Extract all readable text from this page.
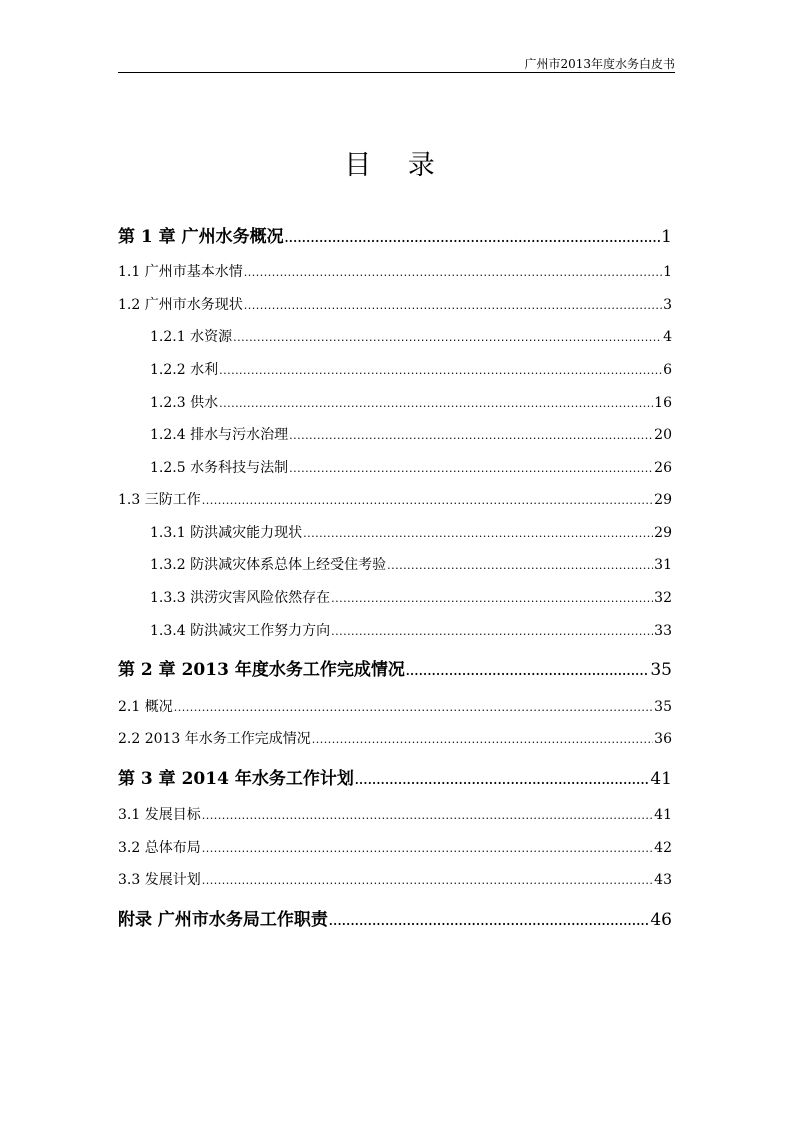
广州市2013年度水务白皮书
目 录
第 1 章 广州水务概况 .....	1
1.1 广州市基本水情 .....	1
1.2 广州市水务现状 .....	3
1.2.1 水资源 .....	4
1.2.2 水利 .....	6
1.2.3 供水 .....	16
1.2.4 排水与污水治理 .....	20
1.2.5 水务科技与法制 .....	26
1.3 三防工作 .....	29
1.3.1 防洪减灾能力现状 .....	29
1.3.2 防洪减灾体系总体上经受住考验 .....	31
1.3.3 洪涝灾害风险依然存在 .....	32
1.3.4 防洪减灾工作努力方向 .....	33
第 2 章 2013 年度水务工作完成情况 .....	35
2.1 概况 .....	35
2.2 2013 年水务工作完成情况 .....	36
第 3 章 2014 年水务工作计划 .....	41
3.1 发展目标 .....	41
3.2 总体布局 .....	42
3.3 发展计划 .....	43
附录 广州市水务局工作职责 .....	46
